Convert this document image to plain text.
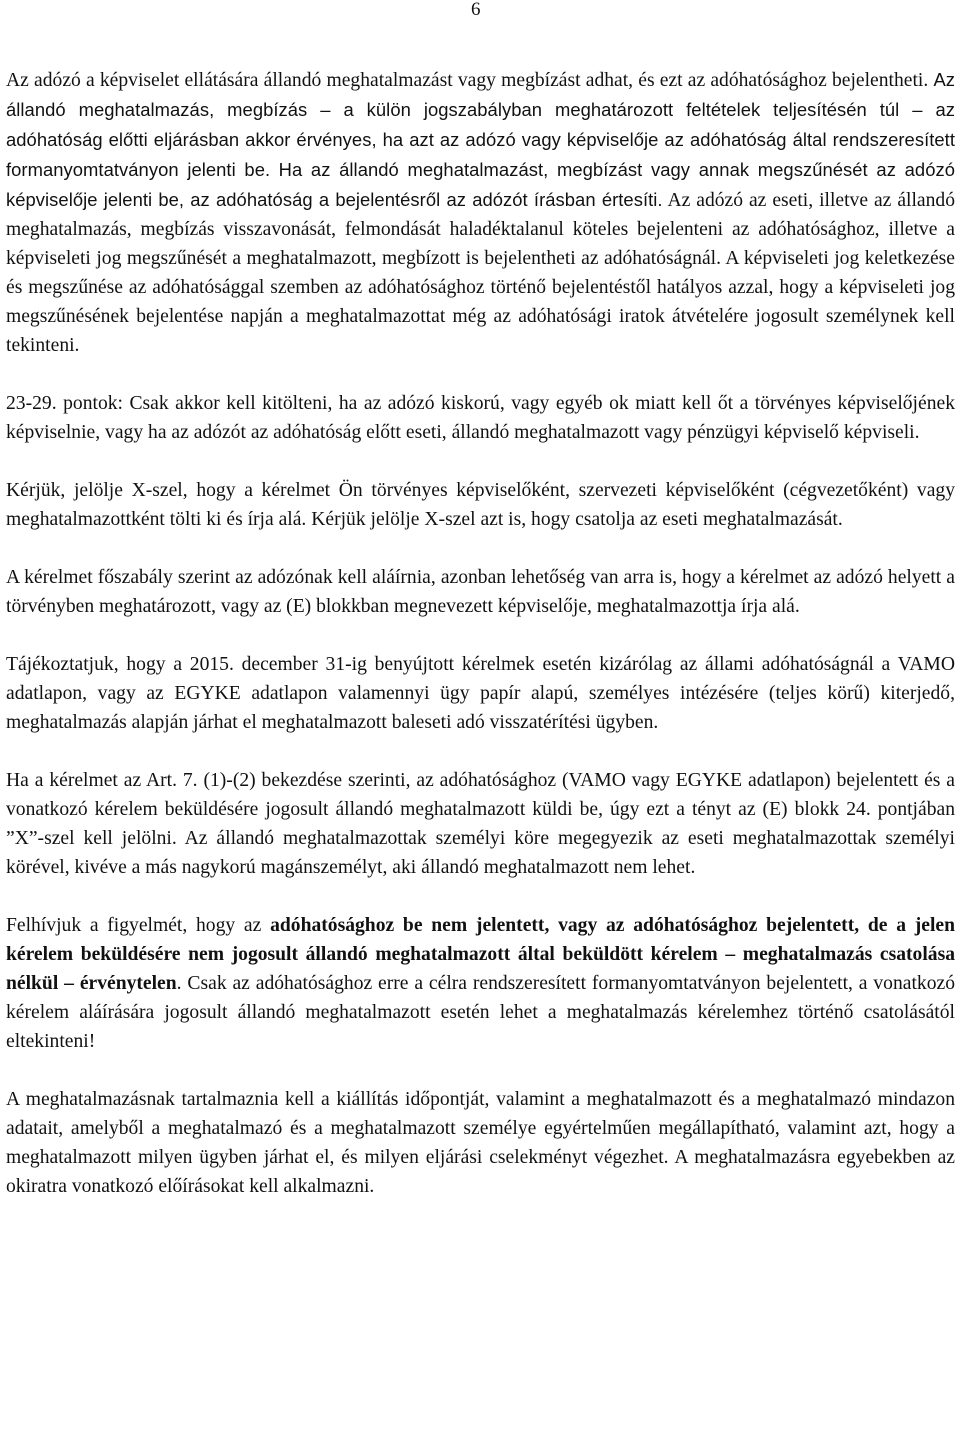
6

Az adózó a képviselet ellátására állandó meghatalmazást vagy megbízást adhat, és ezt az adóhatósághoz bejelentheti. Az állandó meghatalmazás, megbízás – a külön jogszabályban meghatározott feltételek teljesítésén túl – az adóhatóság előtti eljárásban akkor érvényes, ha azt az adózó vagy képviselője az adóhatóság által rendszeresített formanyomtatványon jelenti be. Ha az állandó meghatalmazást, megbízást vagy annak megszűnését az adózó képviselője jelenti be, az adóhatóság a bejelentésről az adózót írásban értesíti. Az adózó az eseti, illetve az állandó meghatalmazás, megbízás visszavonását, felmondását haladéktalanul köteles bejelenteni az adóhatósághoz, illetve a képviseleti jog megszűnését a meghatalmazott, megbízott is bejelentheti az adóhatóságnál. A képviseleti jog keletkezése és megszűnése az adóhatósággal szemben az adóhatósághoz történő bejelentéstől hatályos azzal, hogy a képviseleti jog megszűnésének bejelentése napján a meghatalmazottat még az adóhatósági iratok átvételére jogosult személynek kell tekinteni.

23-29. pontok: Csak akkor kell kitölteni, ha az adózó kiskorú, vagy egyéb ok miatt kell őt a törvényes képviselőjének képviselnie, vagy ha az adózót az adóhatóság előtt eseti, állandó meghatalmazott vagy pénzügyi képviselő képviseli.

Kérjük, jelölje X-szel, hogy a kérelmet Ön törvényes képviselőként, szervezeti képviselőként (cégvezetőként) vagy meghatalmazottként tölti ki és írja alá. Kérjük jelölje X-szel azt is, hogy csatolja az eseti meghatalmazását.

A kérelmet főszabály szerint az adózónak kell aláírnia, azonban lehetőség van arra is, hogy a kérelmet az adózó helyett a törvényben meghatározott, vagy az (E) blokkban megnevezett képviselője, meghatalmazottja írja alá.

Tájékoztatjuk, hogy a 2015. december 31-ig benyújtott kérelmek esetén kizárólag az állami adóhatóságnál a VAMO adatlapon, vagy az EGYKE adatlapon valamennyi ügy papír alapú, személyes intézésére (teljes körű) kiterjedő, meghatalmazás alapján járhat el meghatalmazott baleseti adó visszatérítési ügyben.

Ha a kérelmet az Art. 7. (1)-(2) bekezdése szerinti, az adóhatósághoz (VAMO vagy EGYKE adatlapon) bejelentett és a vonatkozó kérelem beküldésére jogosult állandó meghatalmazott küldi be, úgy ezt a tényt az (E) blokk 24. pontjában ”X”-szel kell jelölni. Az állandó meghatalmazottak személyi köre megegyezik az eseti meghatalmazottak személyi körével, kivéve a más nagykorú magánszemélyt, aki állandó meghatalmazott nem lehet.

Felhívjuk a figyelmét, hogy az adóhatósághoz be nem jelentett, vagy az adóhatósághoz bejelentett, de a jelen kérelem beküldésére nem jogosult állandó meghatalmazott által beküldött kérelem – meghatalmazás csatolása nélkül – érvénytelen. Csak az adóhatósághoz erre a célra rendszeresített formanyomtatványon bejelentett, a vonatkozó kérelem aláírására jogosult állandó meghatalmazott esetén lehet a meghatalmazás kérelemhez történő csatolásától eltekinteni!

A meghatalmazásnak tartalmaznia kell a kiállítás időpontját, valamint a meghatalmazott és a meghatalmazó mindazon adatait, amelyből a meghatalmazó és a meghatalmazott személye egyértelműen megállapítható, valamint azt, hogy a meghatalmazott milyen ügyben járhat el, és milyen eljárási cselekményt végezhet. A meghatalmazásra egyebekben az okiratra vonatkozó előírásokat kell alkalmazni.
